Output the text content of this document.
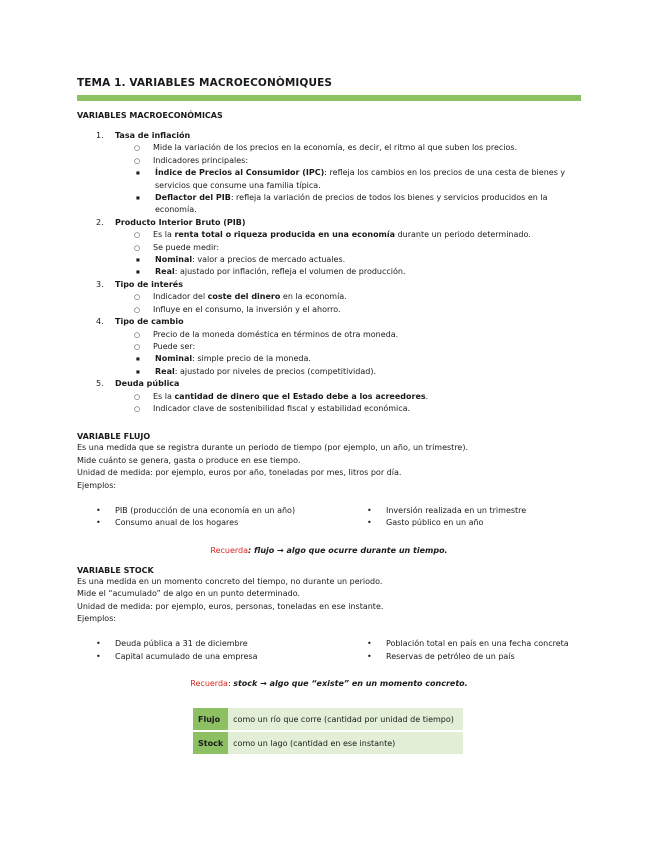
TEMA 1. VARIABLES MACROECONÒMIQUES

VARIABLES MACROECONÓMICAS

1. Tasa de inflación
○ Mide la variación de los precios en la economía, es decir, el ritmo al que suben los precios.
○ Indicadores principales:
■ Índice de Precios al Consumidor (IPC): refleja los cambios en los precios de una cesta de bienes y servicios que consume una familia típica.
■ Deflactor del PIB: refleja la variación de precios de todos los bienes y servicios producidos en la economía.
2. Producto Interior Bruto (PIB)
○ Es la renta total o riqueza producida en una economía durante un periodo determinado.
○ Se puede medir:
■ Nominal: valor a precios de mercado actuales.
■ Real: ajustado por inflación, refleja el volumen de producción.
3. Tipo de interés
○ Indicador del coste del dinero en la economía.
○ Influye en el consumo, la inversión y el ahorro.
4. Tipo de cambio
○ Precio de la moneda doméstica en términos de otra moneda.
○ Puede ser:
■ Nominal: simple precio de la moneda.
■ Real: ajustado por niveles de precios (competitividad).
5. Deuda pública
○ Es la cantidad de dinero que el Estado debe a los acreedores.
○ Indicador clave de sostenibilidad fiscal y estabilidad económica.

VARIABLE FLUJO

Es una medida que se registra durante un periodo de tiempo (por ejemplo, un año, un trimestre).

Mide cuánto se genera, gasta o produce en ese tiempo.

Unidad de medida: por ejemplo, euros por año, toneladas por mes, litros por día.

Ejemplos:

• PIB (producción de una economía en un año)
• Consumo anual de los hogares
• Inversión realizada en un trimestre
• Gasto público en un año

Recuerda: flujo → algo que ocurre durante un tiempo.

VARIABLE STOCK

Es una medida en un momento concreto del tiempo, no durante un periodo.

Mide el “acumulado” de algo en un punto determinado.

Unidad de medida: por ejemplo, euros, personas, toneladas en ese instante.

Ejemplos:

• Deuda pública a 31 de diciembre
• Capital acumulado de una empresa
• Población total en país en una fecha concreta
• Reservas de petróleo de un país

Recuerda: stock → algo que “existe” en un momento concreto.

Flujo	como un río que corre (cantidad por unidad de tiempo)
Stock	como un lago (cantidad en ese instante)
